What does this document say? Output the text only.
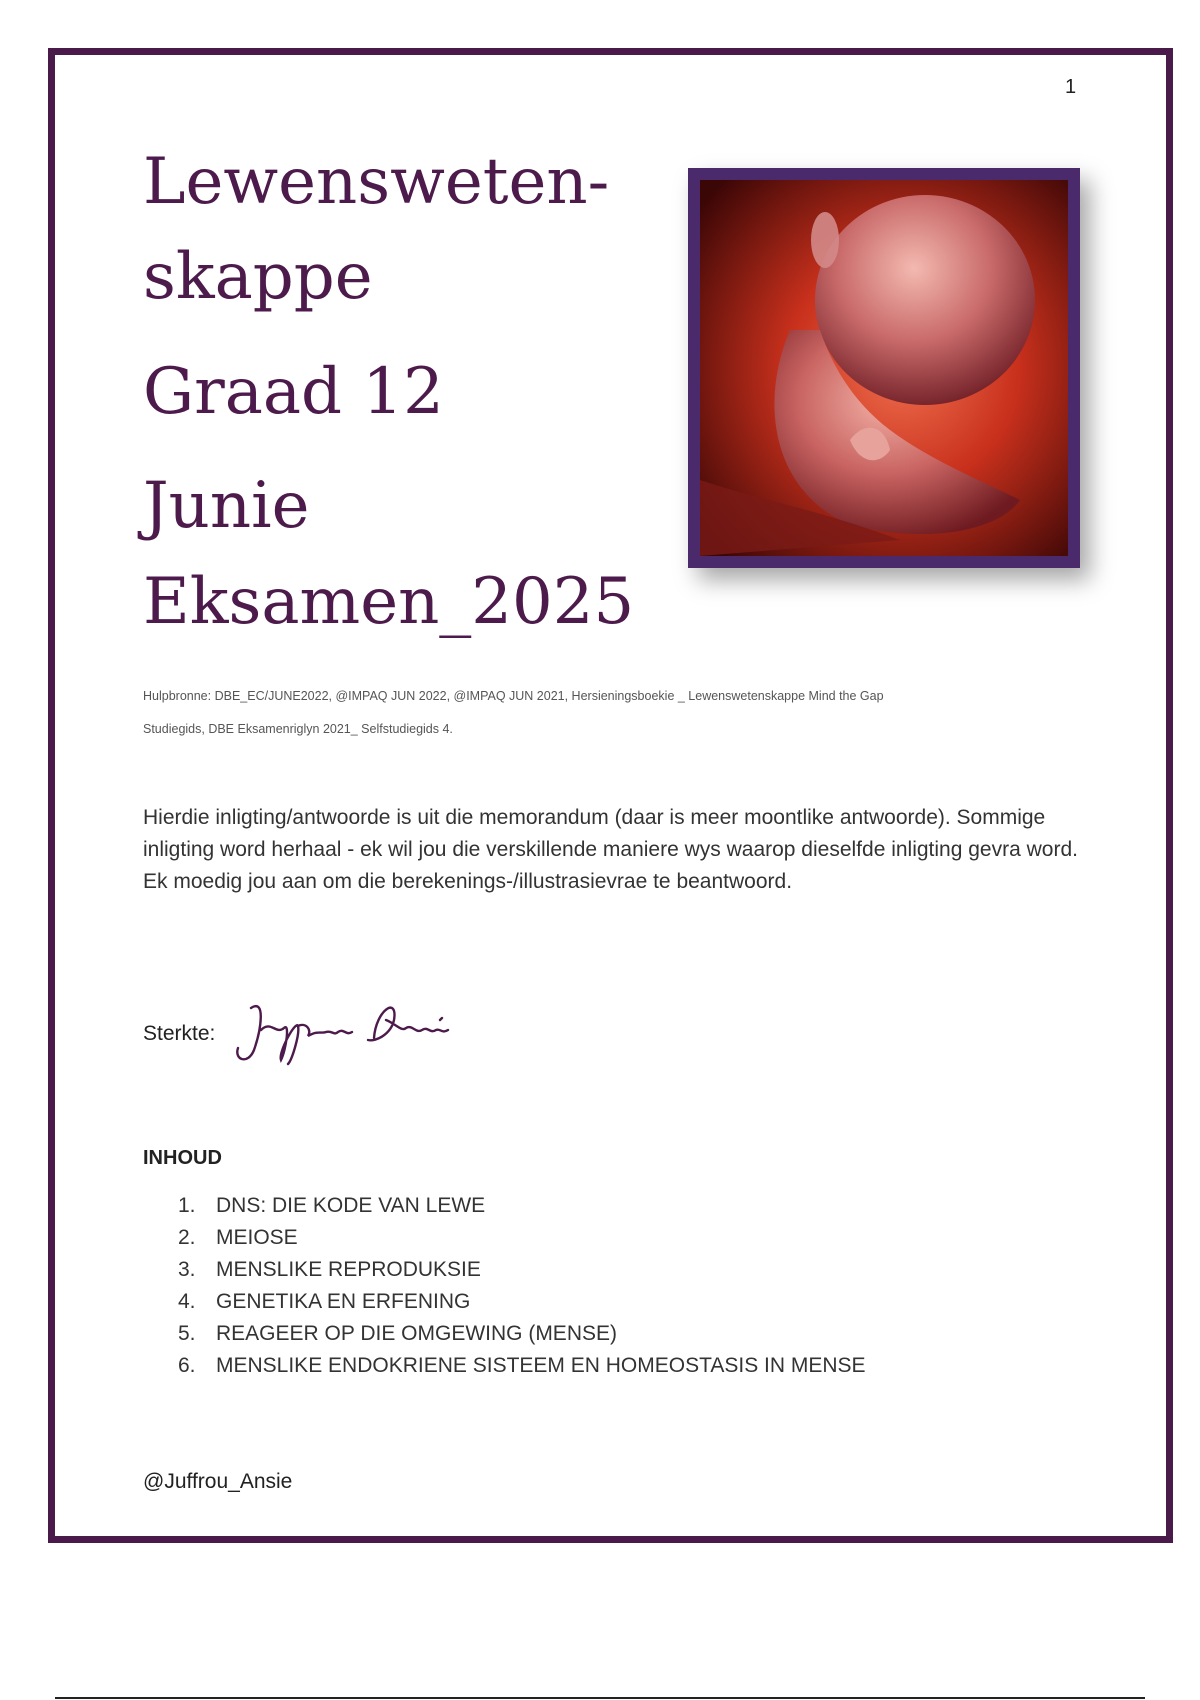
1
Lewensweten-
skappe
Graad 12
Junie
Eksamen_2025
Hulpbronne: DBE_EC/JUNE2022, @IMPAQ JUN 2022, @IMPAQ JUN 2021, Hersieningsboekie _ Lewenswetenskappe Mind the Gap
Studiegids, DBE Eksamenriglyn 2021_ Selfstudiegids 4.
Hierdie inligting/antwoorde is uit die memorandum (daar is meer moontlike antwoorde). Sommige inligting word herhaal - ek wil jou die verskillende maniere wys waarop dieselfde inligting gevra word. Ek moedig jou aan om die berekenings-/illustrasievrae te beantwoord.
Sterkte:
INHOUD
1. DNS: DIE KODE VAN LEWE
2. MEIOSE
3. MENSLIKE REPRODUKSIE
4. GENETIKA EN ERFENING
5. REAGEER OP DIE OMGEWING (MENSE)
6. MENSLIKE ENDOKRIENE SISTEEM EN HOMEOSTASIS IN MENSE
@Juffrou_Ansie
